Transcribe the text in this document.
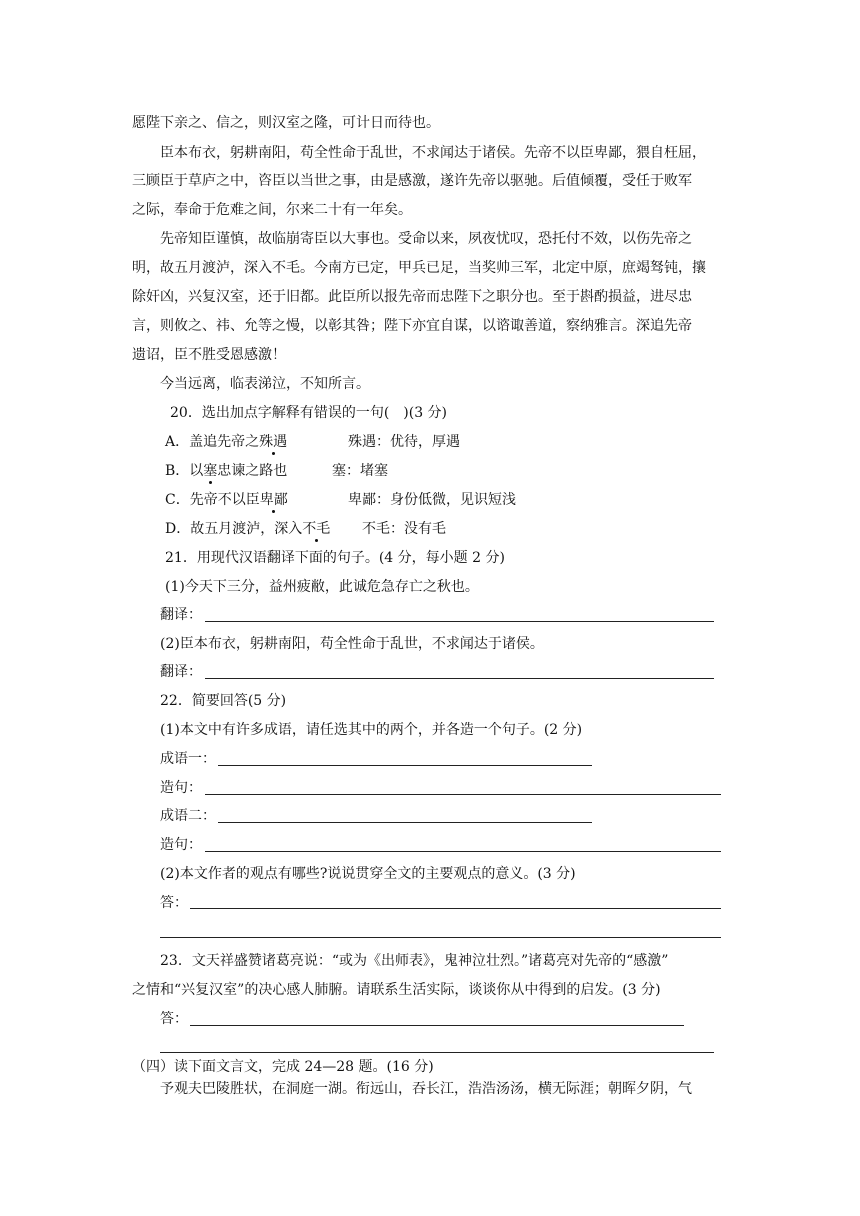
愿陛下亲之、信之，则汉室之隆，可计日而待也。
臣本布衣，躬耕南阳，苟全性命于乱世，不求闻达于诸侯。先帝不以臣卑鄙，猥自枉屈，
三顾臣于草庐之中，咨臣以当世之事，由是感激，遂许先帝以驱驰。后值倾覆，受任于败军
之际，奉命于危难之间，尔来二十有一年矣。
先帝知臣谨慎，故临崩寄臣以大事也。受命以来，夙夜忧叹，恐托付不效，以伤先帝之
明，故五月渡泸，深入不毛。今南方已定，甲兵已足，当奖帅三军，北定中原，庶竭驽钝，攘
除奸凶，兴复汉室，还于旧都。此臣所以报先帝而忠陛下之职分也。至于斟酌损益，进尽忠
言，则攸之、祎、允等之慢，以彰其咎；陛下亦宜自谋，以谘诹善道，察纳雅言。深追先帝
遗诏，臣不胜受恩感激！
今当远离，临表涕泣，不知所言。
20．选出加点字解释有错误的一句(　)(3 分)
A．盖追先帝之殊遇	殊遇：优待，厚遇
B．以塞忠谏之路也	塞：堵塞
C．先帝不以臣卑鄙	卑鄙：身份低微，见识短浅
D．故五月渡泸，深入不毛 不毛：没有毛
21．用现代汉语翻译下面的句子。(4 分，每小题 2 分)
(1)今天下三分，益州疲敝，此诚危急存亡之秋也。
翻译：
(2)臣本布衣，躬耕南阳，苟全性命于乱世，不求闻达于诸侯。
翻译：
22．简要回答(5 分)
(1)本文中有许多成语，请任选其中的两个，并各造一个句子。(2 分)
成语一：
造句：
成语二：
造句：
(2)本文作者的观点有哪些?说说贯穿全文的主要观点的意义。(3 分)
答：
23．文天祥盛赞诸葛亮说：“或为《出师表》，鬼神泣壮烈。”诸葛亮对先帝的“感激”
之情和“兴复汉室”的决心感人肺腑。请联系生活实际，谈谈你从中得到的启发。(3 分)
答：
（四）读下面文言文，完成 24—28 题。(16 分)
予观夫巴陵胜状，在洞庭一湖。衔远山，吞长江，浩浩汤汤，横无际涯；朝晖夕阴，气
